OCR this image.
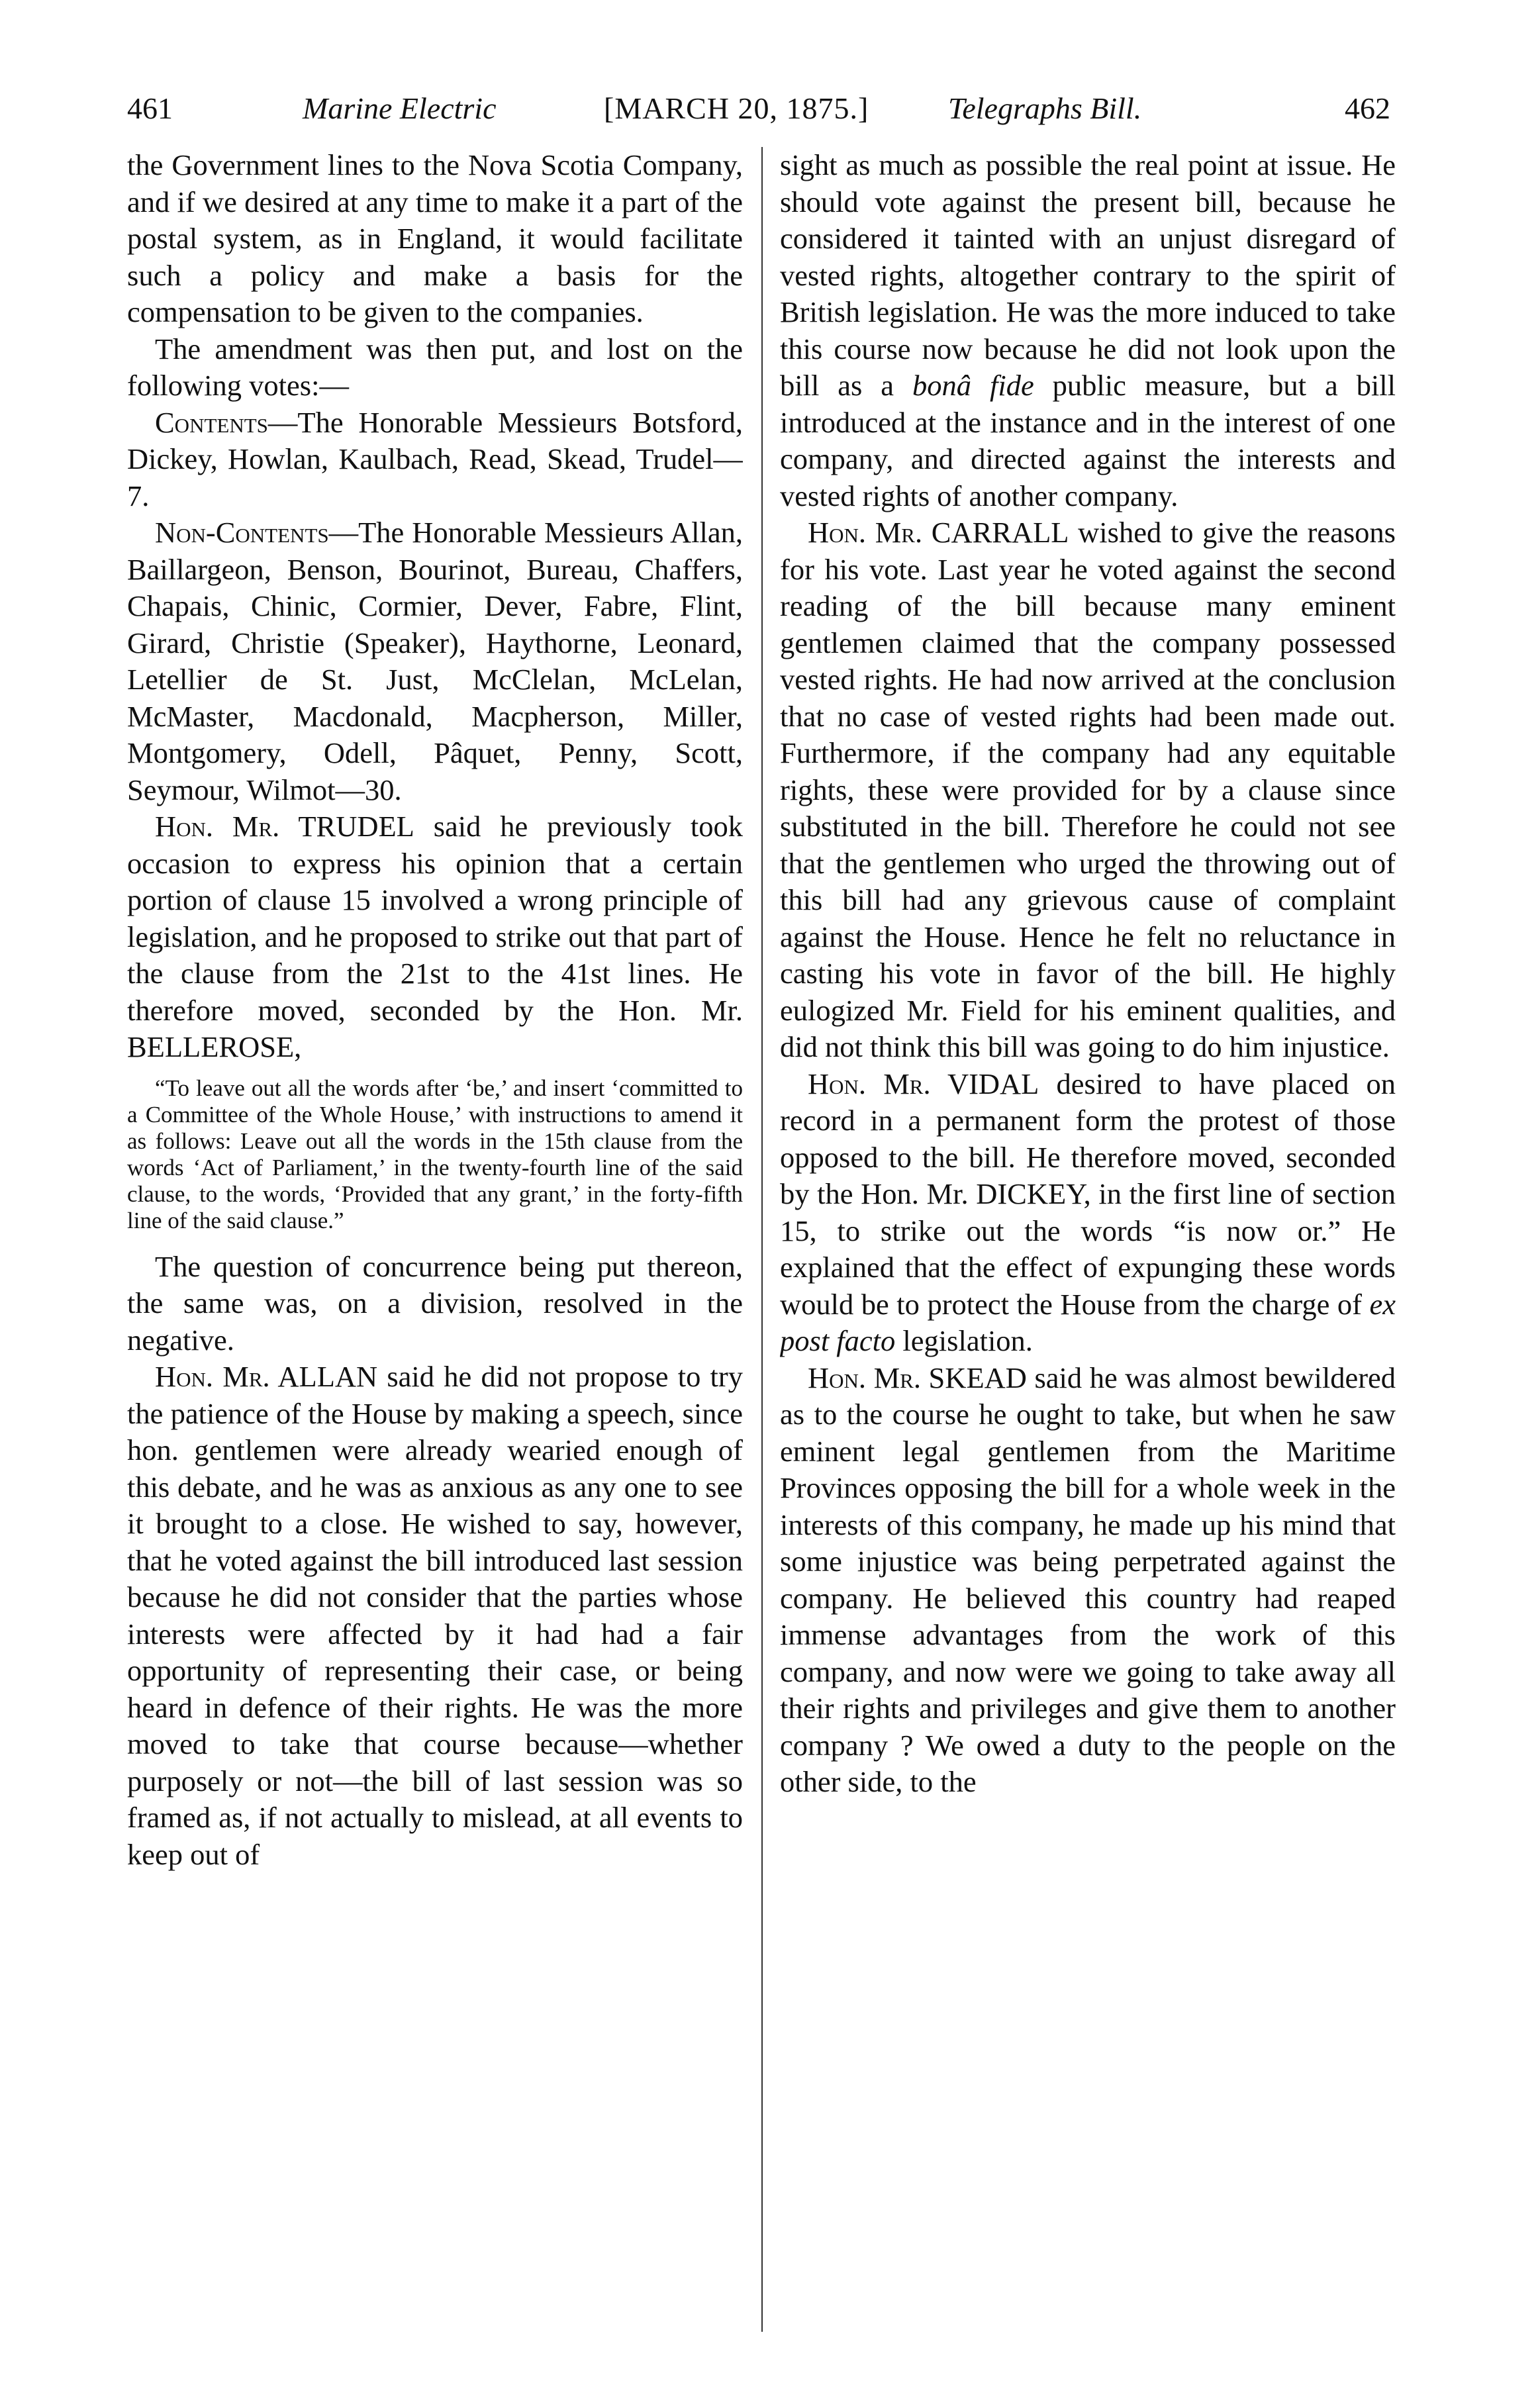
461	Marine Electric	[MARCH 20, 1875.]	Telegraphs Bill.	462

the Government lines to the Nova Scotia Company, and if we desired at any time to make it a part of the postal system, as in England, it would facilitate such a policy and make a basis for the compensation to be given to the companies.

The amendment was then put, and lost on the following votes:—

Contents—The Honorable Messieurs Botsford, Dickey, Howlan, Kaulbach, Read, Skead, Trudel—7.

Non-Contents—The Honorable Messieurs Allan, Baillargeon, Benson, Bourinot, Bureau, Chaffers, Chapais, Chinic, Cormier, Dever, Fabre, Flint, Girard, Christie (Speaker), Haythorne, Leonard, Letellier de St. Just, McClelan, McLelan, McMaster, Macdonald, Macpherson, Miller, Montgomery, Odell, Pâquet, Penny, Scott, Seymour, Wilmot—30.

Hon. Mr. TRUDEL said he previously took occasion to express his opinion that a certain portion of clause 15 involved a wrong principle of legislation, and he proposed to strike out that part of the clause from the 21st to the 41st lines. He therefore moved, seconded by the Hon. Mr. BELLEROSE,

“To leave out all the words after ‘be,’ and insert ‘committed to a Committee of the Whole House,’ with instructions to amend it as follows: Leave out all the words in the 15th clause from the words ‘Act of Parliament,’ in the twenty-fourth line of the said clause, to the words, ‘Provided that any grant,’ in the forty-fifth line of the said clause.”

The question of concurrence being put thereon, the same was, on a division, resolved in the negative.

Hon. Mr. ALLAN said he did not propose to try the patience of the House by making a speech, since hon. gentlemen were already wearied enough of this debate, and he was as anxious as any one to see it brought to a close. He wished to say, however, that he voted against the bill introduced last session because he did not consider that the parties whose interests were affected by it had had a fair opportunity of representing their case, or being heard in defence of their rights. He was the more moved to take that course because—whether purposely or not—the bill of last session was so framed as, if not actually to mislead, at all events to keep out of

sight as much as possible the real point at issue. He should vote against the present bill, because he considered it tainted with an unjust disregard of vested rights, altogether contrary to the spirit of British legislation. He was the more induced to take this course now because he did not look upon the bill as a bonâ fide public measure, but a bill introduced at the instance and in the interest of one company, and directed against the interests and vested rights of another company.

Hon. Mr. CARRALL wished to give the reasons for his vote. Last year he voted against the second reading of the bill because many eminent gentlemen claimed that the company possessed vested rights. He had now arrived at the conclusion that no case of vested rights had been made out. Furthermore, if the company had any equitable rights, these were provided for by a clause since substituted in the bill. Therefore he could not see that the gentlemen who urged the throwing out of this bill had any grievous cause of complaint against the House. Hence he felt no reluctance in casting his vote in favor of the bill. He highly eulogized Mr. Field for his eminent qualities, and did not think this bill was going to do him injustice.

Hon. Mr. VIDAL desired to have placed on record in a permanent form the protest of those opposed to the bill. He therefore moved, seconded by the Hon. Mr. DICKEY, in the first line of section 15, to strike out the words “is now or.” He explained that the effect of expunging these words would be to protect the House from the charge of ex post facto legislation.

Hon. Mr. SKEAD said he was almost bewildered as to the course he ought to take, but when he saw eminent legal gentlemen from the Maritime Provinces opposing the bill for a whole week in the interests of this company, he made up his mind that some injustice was being perpetrated against the company. He believed this country had reaped immense advantages from the work of this company, and now were we going to take away all their rights and privileges and give them to another company ? We owed a duty to the people on the other side, to the
